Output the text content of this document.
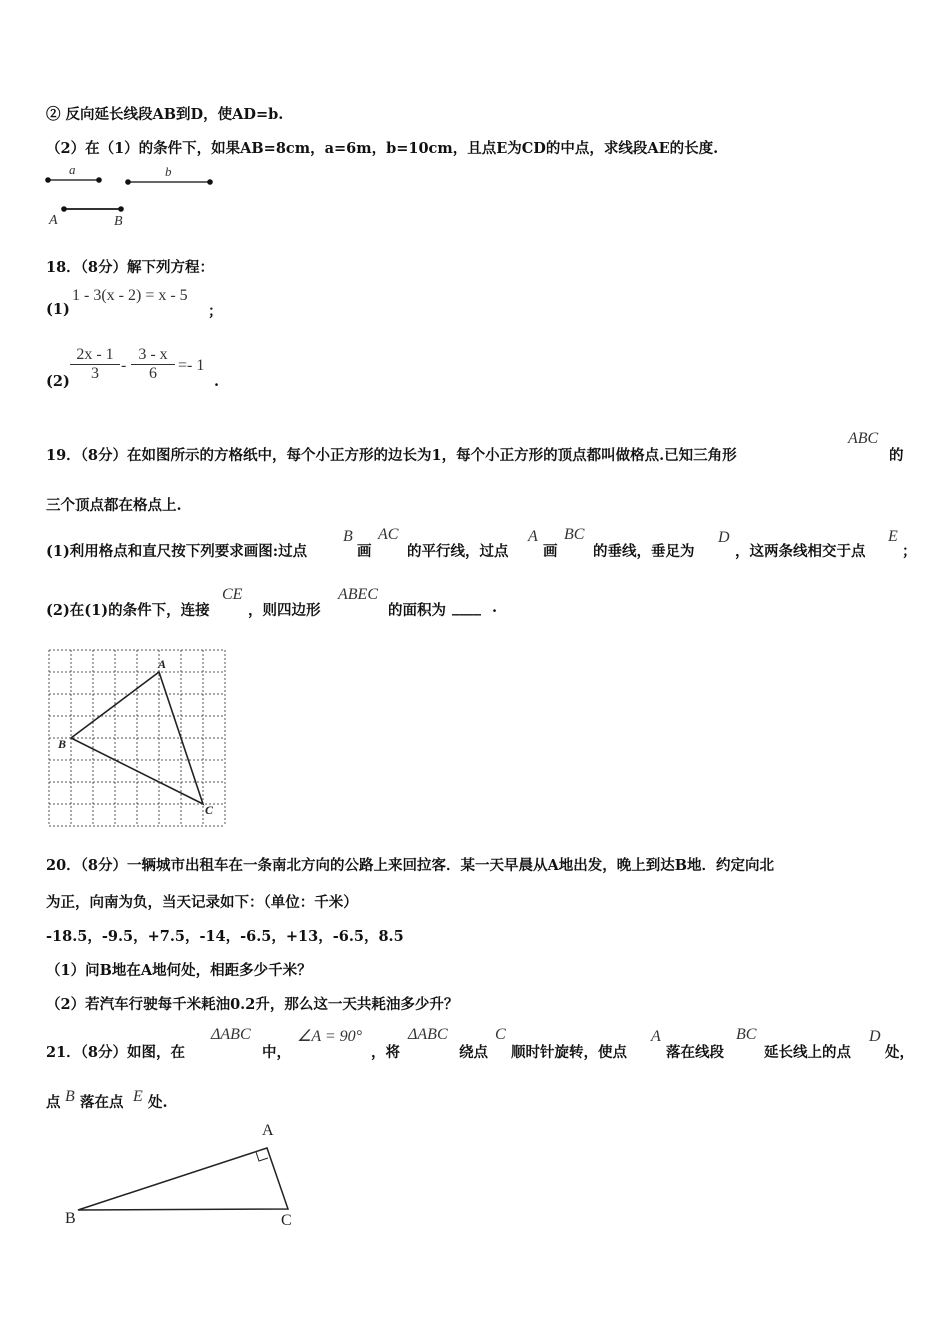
② 反向延长线段AB到D，使AD=b.
（2）在（1）的条件下，如果AB=8cm，a=6m，b=10cm，且点E为CD的中点，求线段AE的长度.
a	b
A	B
18．（8分）解下列方程：
(1)
1 - 3(x - 2) = x - 5
；
$(2) \frac{2x - 1}{3} - \frac{3 - x}{6} =- 1$
.
19．（8分）在如图所示的方格纸中，每个小正方形的边长为1，每个小正方形的顶点都叫做格点.已知三角形
ABC
的
三个顶点都在格点上.
(1)利用格点和直尺按下列要求画图:过点
B
画
AC
的平行线，过点
A
画
BC
的垂线，垂足为
D
，这两条线相交于点
E
；
(2)在(1)的条件下，连接
CE
，则四边形
ABEC
的面积为 ____ .
A
B
C
20．（8分）一辆城市出租车在一条南北方向的公路上来回拉客．某一天早晨从A地出发，晚上到达B地．约定向北
为正，向南为负，当天记录如下：（单位：千米）
-18.5，-9.5，+7.5，-14，-6.5，+13，-6.5，8.5
（1）问B地在A地何处，相距多少千米？
（2）若汽车行驶每千米耗油0.2升，那么这一天共耗油多少升？
21．（8分）如图，在
ΔABC
中，
∠A = 90°
，将
ΔABC
绕点
C
顺时针旋转，使点
A
落在线段
BC
延长线上的点
D
处，
点 B 落在点 E 处.
A
B	C
